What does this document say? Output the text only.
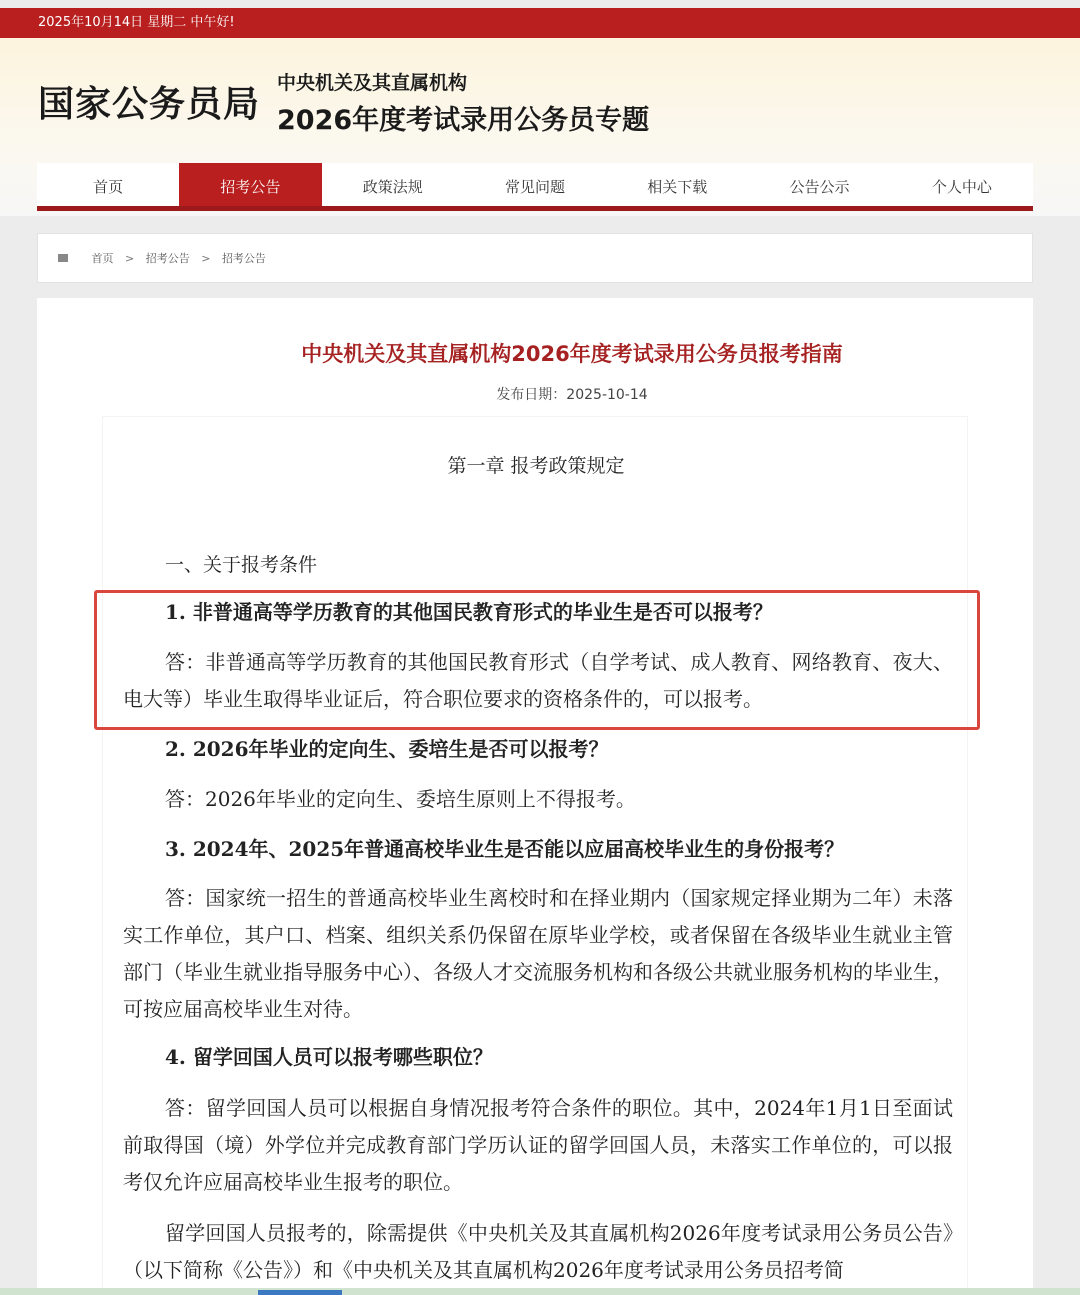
2025年10月14日 星期二 中午好!
国家公务员局
中央机关及其直属机构
2026年度考试录用公务员专题
首页	招考公告	政策法规	常见问题	相关下载	公告公示	个人中心
首页 > 招考公告 > 招考公告
中央机关及其直属机构2026年度考试录用公务员报考指南
发布日期：2025-10-14
第一章 报考政策规定
一、关于报考条件
1. 非普通高等学历教育的其他国民教育形式的毕业生是否可以报考？
答：非普通高等学历教育的其他国民教育形式（自学考试、成人教育、网络教育、夜大、电大等）毕业生取得毕业证后，符合职位要求的资格条件的，可以报考。
2. 2026年毕业的定向生、委培生是否可以报考？
答：2026年毕业的定向生、委培生原则上不得报考。
3. 2024年、2025年普通高校毕业生是否能以应届高校毕业生的身份报考？
答：国家统一招生的普通高校毕业生离校时和在择业期内（国家规定择业期为二年）未落实工作单位，其户口、档案、组织关系仍保留在原毕业学校，或者保留在各级毕业生就业主管部门（毕业生就业指导服务中心）、各级人才交流服务机构和各级公共就业服务机构的毕业生，可按应届高校毕业生对待。
4. 留学回国人员可以报考哪些职位？
答：留学回国人员可以根据自身情况报考符合条件的职位。其中，2024年1月1日至面试前取得国（境）外学位并完成教育部门学历认证的留学回国人员，未落实工作单位的，可以报考仅允许应届高校毕业生报考的职位。
留学回国人员报考的，除需提供《中央机关及其直属机构2026年度考试录用公务员公告》（以下简称《公告》）和《中央机关及其直属机构2026年度考试录用公务员招考简
